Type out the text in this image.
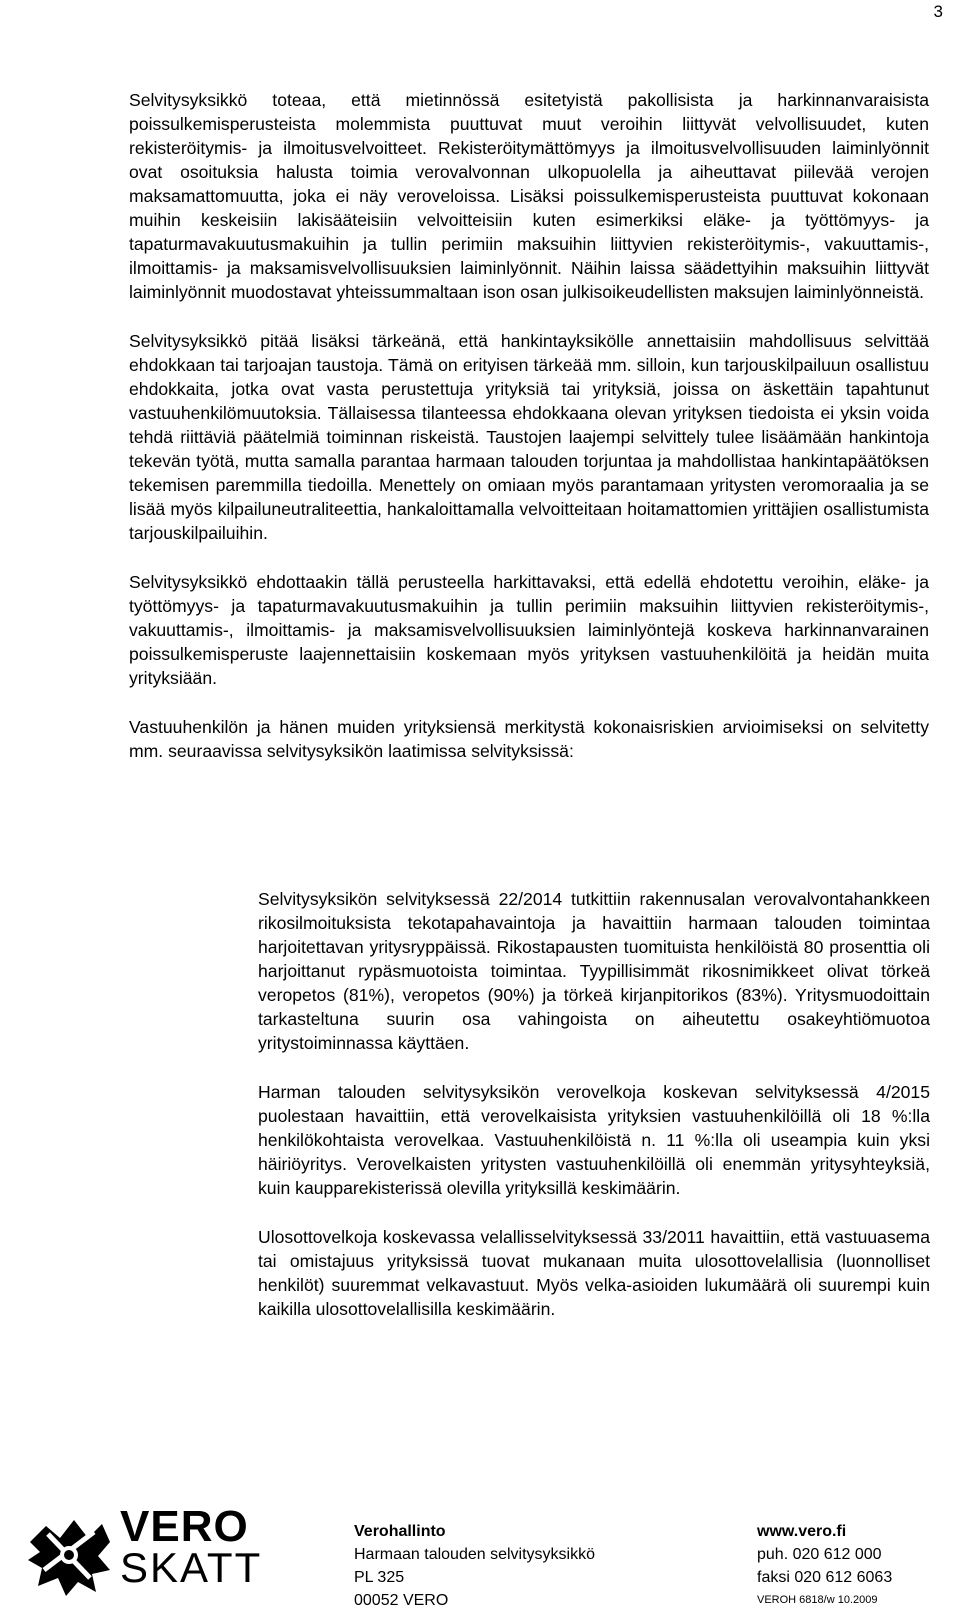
3

Selvitysyksikkö toteaa, että mietinnössä esitetyistä pakollisista ja harkinnanvaraisista poissulkemisperusteista molemmista puuttuvat muut veroihin liittyvät velvollisuudet, kuten rekisteröitymis- ja ilmoitusvelvoitteet. Rekisteröitymättömyys ja ilmoitusvelvollisuuden laiminlyönnit ovat osoituksia halusta toimia verovalvonnan ulkopuolella ja aiheuttavat piilevää verojen maksamattomuutta, joka ei näy veroveloissa. Lisäksi poissulkemisperusteista puuttuvat kokonaan muihin keskeisiin lakisääteisiin velvoitteisiin kuten esimerkiksi eläke- ja työttömyys- ja tapaturmavakuutusmakuihin ja tullin perimiin maksuihin liittyvien rekisteröitymis-, vakuuttamis-, ilmoittamis- ja maksamisvelvollisuuksien laiminlyönnit. Näihin laissa säädettyihin maksuihin liittyvät laiminlyönnit muodostavat yhteissummaltaan ison osan julkisoikeudellisten maksujen laiminlyönneistä.

Selvitysyksikkö pitää lisäksi tärkeänä, että hankintayksikölle annettaisiin mahdollisuus selvittää ehdokkaan tai tarjoajan taustoja. Tämä on erityisen tärkeää mm. silloin, kun tarjouskilpailuun osallistuu ehdokkaita, jotka ovat vasta perustettuja yrityksiä tai yrityksiä, joissa on äskettäin tapahtunut vastuuhenkilömuutoksia. Tällaisessa tilanteessa ehdokkaana olevan yrityksen tiedoista ei yksin voida tehdä riittäviä päätelmiä toiminnan riskeistä. Taustojen laajempi selvittely tulee lisäämään hankintoja tekevän työtä, mutta samalla parantaa harmaan talouden torjuntaa ja mahdollistaa hankintapäätöksen tekemisen paremmilla tiedoilla. Menettely on omiaan myös parantamaan yritysten veromoraalia ja se lisää myös kilpailuneutraliteettia, hankaloittamalla velvoitteitaan hoitamattomien yrittäjien osallistumista tarjouskilpailuihin.

Selvitysyksikkö ehdottaakin tällä perusteella harkittavaksi, että edellä ehdotettu veroihin, eläke- ja työttömyys- ja tapaturmavakuutusmakuihin ja tullin perimiin maksuihin liittyvien rekisteröitymis-, vakuuttamis-, ilmoittamis- ja maksamisvelvollisuuksien laiminlyöntejä koskeva harkinnanvarainen poissulkemisperuste laajennettaisiin koskemaan myös yrityksen vastuuhenkilöitä ja heidän muita yrityksiään.

Vastuuhenkilön ja hänen muiden yrityksiensä merkitystä kokonaisriskien arvioimiseksi on selvitetty mm. seuraavissa selvitysyksikön laatimissa selvityksissä:

Selvitysyksikön selvityksessä 22/2014 tutkittiin rakennusalan verovalvontahankkeen rikosilmoituksista tekotapahavaintoja ja havaittiin harmaan talouden toimintaa harjoitettavan yritysryppäissä. Rikostapausten tuomituista henkilöistä 80 prosenttia oli harjoittanut rypäsmuotoista toimintaa. Tyypillisimmät rikosnimikkeet olivat törkeä veropetos (81%), veropetos (90%) ja törkeä kirjanpitorikos (83%). Yritysmuodoittain tarkasteltuna suurin osa vahingoista on aiheutettu osakeyhtiömuotoa yritystoiminnassa käyttäen.

Harman talouden selvitysyksikön verovelkoja koskevan selvityksessä 4/2015 puolestaan havaittiin, että verovelkaisista yrityksien vastuuhenkilöillä oli 18 %:lla henkilökohtaista verovelkaa. Vastuuhenkilöistä n. 11 %:lla oli useampia kuin yksi häiriöyritys. Verovelkaisten yritysten vastuuhenkilöillä oli enemmän yritysyhteyksiä, kuin kaupparekisterissä olevilla yrityksillä keskimäärin.

Ulosottovelkoja koskevassa velallisselvityksessä 33/2011 havaittiin, että vastuuasema tai omistajuus yrityksissä tuovat mukanaan muita ulosottovelallisia (luonnolliset henkilöt) suuremmat velkavastuut. Myös velka-asioiden lukumäärä oli suurempi kuin kaikilla ulosottovelallisilla keskimäärin.

VERO
SKATT
Verohallinto
Harmaan talouden selvitysyksikkö
PL 325
00052 VERO
www.vero.fi
puh. 020 612 000
faksi 020 612 6063
VEROH 6818/w 10.2009
